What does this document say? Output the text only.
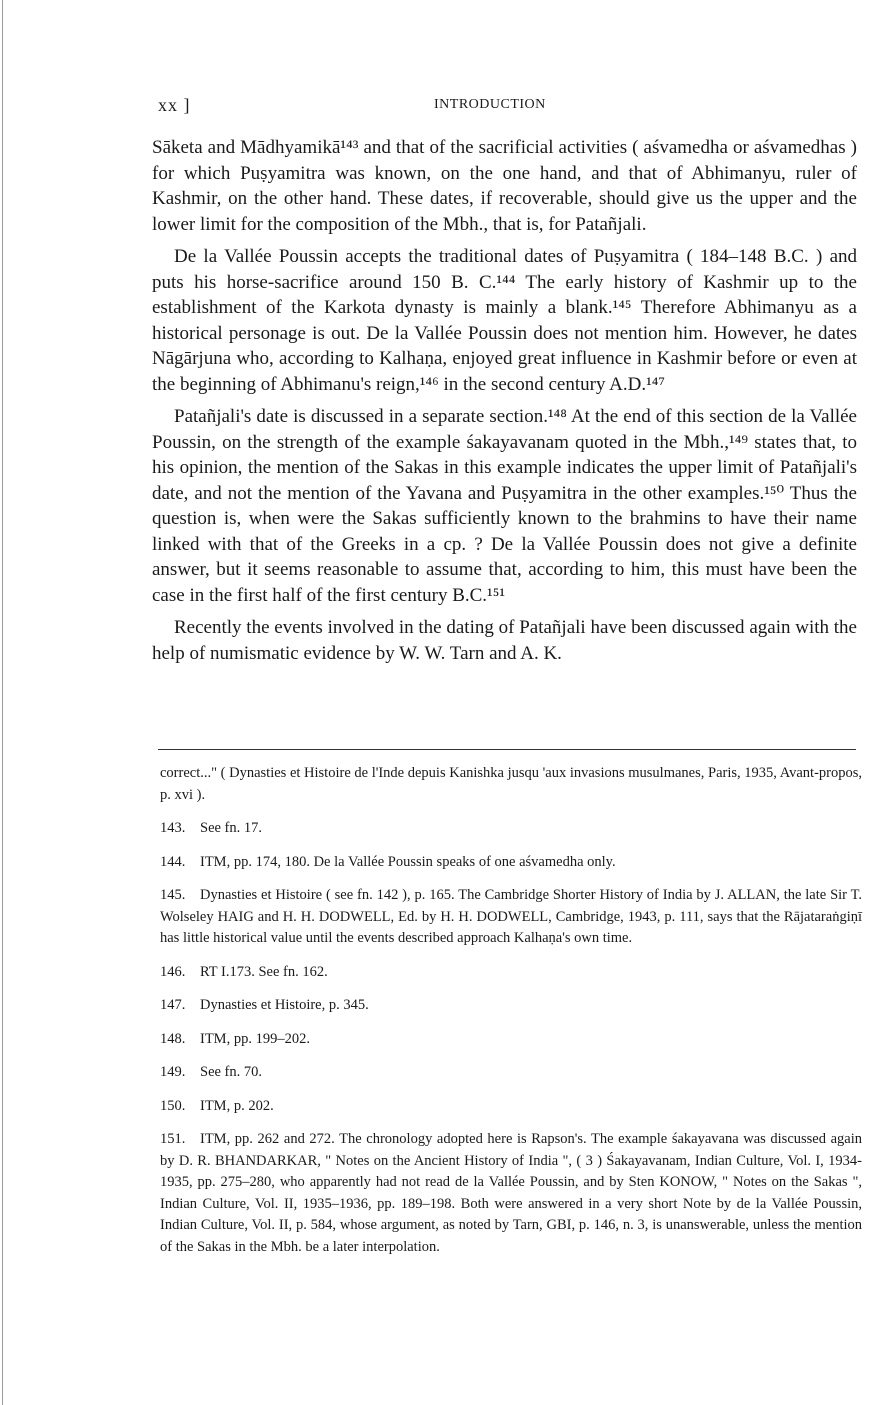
xx ]	INTRODUCTION

Sāketa and Mādhyamikā¹⁴³ and that of the sacrificial activities ( aśvamedha or aśvamedhas ) for which Puṣyamitra was known, on the one hand, and that of Abhimanyu, ruler of Kashmir, on the other hand. These dates, if recoverable, should give us the upper and the lower limit for the composition of the Mbh., that is, for Patañjali.

De la Vallée Poussin accepts the traditional dates of Puṣyamitra ( 184–148 B.C. ) and puts his horse-sacrifice around 150 B. C.¹⁴⁴ The early history of Kashmir up to the establishment of the Karkota dynasty is mainly a blank.¹⁴⁵ Therefore Abhimanyu as a historical personage is out. De la Vallée Poussin does not mention him. However, he dates Nāgārjuna who, according to Kalhaṇa, enjoyed great influence in Kashmir before or even at the beginning of Abhimanu's reign,¹⁴⁶ in the second century A.D.¹⁴⁷

Patañjali's date is discussed in a separate section.¹⁴⁸ At the end of this section de la Vallée Poussin, on the strength of the example śakayavanam quoted in the Mbh.,¹⁴⁹ states that, to his opinion, the mention of the Sakas in this example indicates the upper limit of Patañjali's date, and not the mention of the Yavana and Puṣyamitra in the other examples.¹⁵⁰ Thus the question is, when were the Sakas sufficiently known to the brahmins to have their name linked with that of the Greeks in a cp. ? De la Vallée Poussin does not give a definite answer, but it seems reasonable to assume that, according to him, this must have been the case in the first half of the first century B.C.¹⁵¹

Recently the events involved in the dating of Patañjali have been discussed again with the help of numismatic evidence by W. W. Tarn and A. K.

correct..." ( Dynasties et Histoire de l'Inde depuis Kanishka jusqu 'aux invasions musulmanes, Paris, 1935, Avant-propos, p. xvi ).

143. See fn. 17.

144. ITM, pp. 174, 180. De la Vallée Poussin speaks of one aśvamedha only.

145. Dynasties et Histoire ( see fn. 142 ), p. 165. The Cambridge Shorter History of India by J. ALLAN, the late Sir T. Wolseley HAIG and H. H. DODWELL, Ed. by H. H. DODWELL, Cambridge, 1943, p. 111, says that the Rājataraṅgiṇī has little historical value until the events described approach Kalhaṇa's own time.

146. RT I.173. See fn. 162.

147. Dynasties et Histoire, p. 345.

148. ITM, pp. 199–202.

149. See fn. 70.

150. ITM, p. 202.

151. ITM, pp. 262 and 272. The chronology adopted here is Rapson's. The example śakayavana was discussed again by D. R. BHANDARKAR, " Notes on the Ancient History of India ", ( 3 ) Śakayavanam, Indian Culture, Vol. I, 1934-1935, pp. 275–280, who apparently had not read de la Vallée Poussin, and by Sten KONOW, " Notes on the Sakas ", Indian Culture, Vol. II, 1935–1936, pp. 189–198. Both were answered in a very short Note by de la Vallée Poussin, Indian Culture, Vol. II, p. 584, whose argument, as noted by Tarn, GBI, p. 146, n. 3, is unanswerable, unless the mention of the Sakas in the Mbh. be a later interpolation.
